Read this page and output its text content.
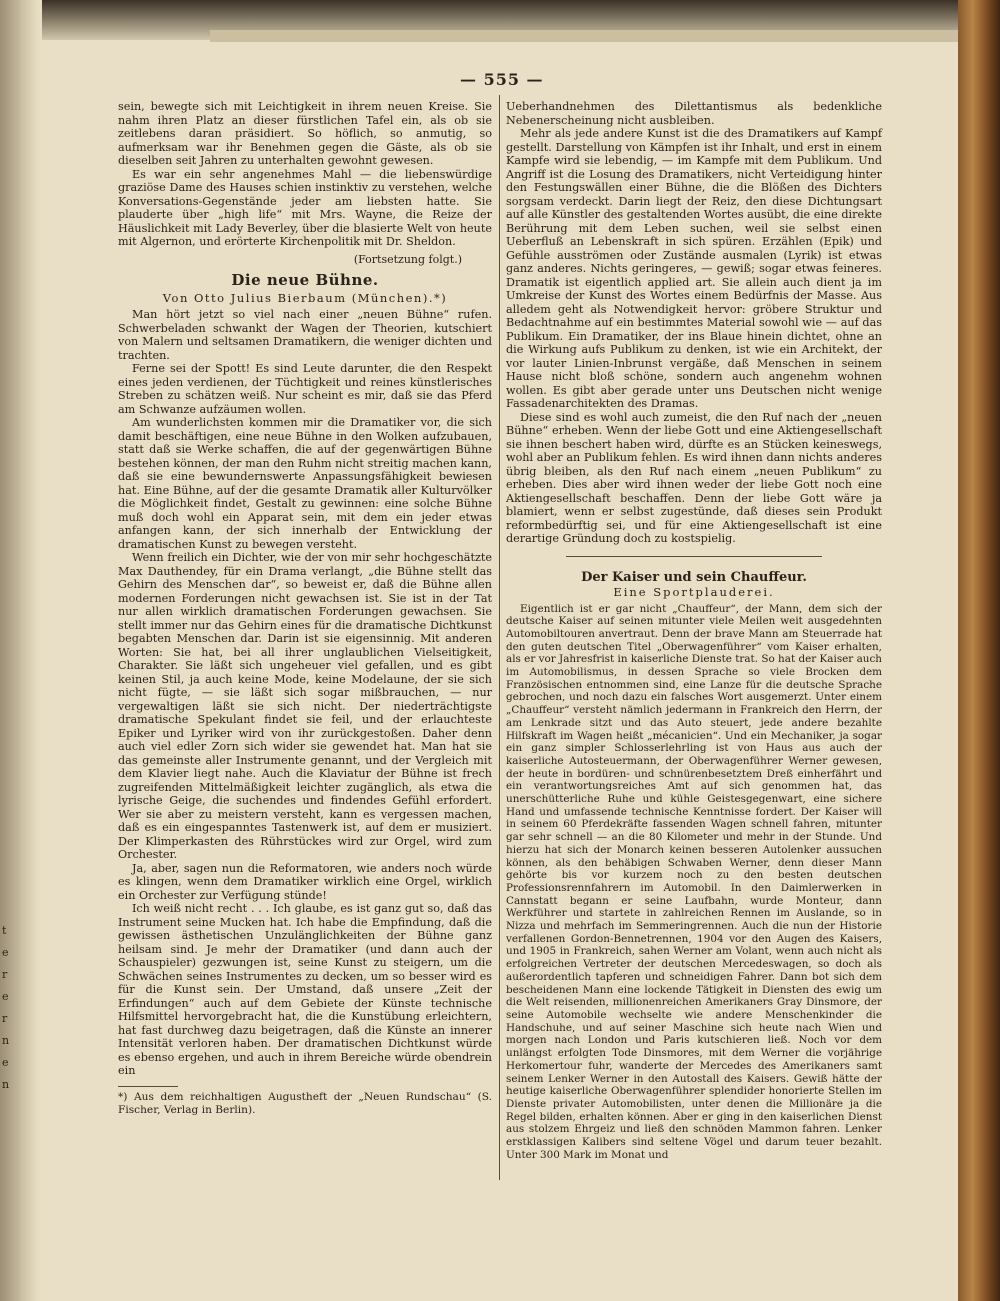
t
e
r
e
r
n
e
n
— 555 —

sein, bewegte sich mit Leichtigkeit in ihrem neuen Kreise. Sie nahm ihren Platz an dieser fürstlichen Tafel ein, als ob sie zeitlebens daran präsidiert. So höflich, so anmutig, so aufmerksam war ihr Benehmen gegen die Gäste, als ob sie dieselben seit Jahren zu unterhalten gewohnt gewesen.

Es war ein sehr angenehmes Mahl — die liebenswürdige graziöse Dame des Hauses schien instinktiv zu verstehen, welche Konversations-Gegenstände jeder am liebsten hatte. Sie plauderte über „high life“ mit Mrs. Wayne, die Reize der Häuslichkeit mit Lady Beverley, über die blasierte Welt von heute mit Algernon, und erörterte Kirchenpolitik mit Dr. Sheldon.

(Fortsetzung folgt.)
Die neue Bühne.
Von Otto Julius Bierbaum (München).*)

Man hört jetzt so viel nach einer „neuen Bühne“ rufen. Schwerbeladen schwankt der Wagen der Theorien, kutschiert von Malern und seltsamen Dramatikern, die weniger dichten und trachten.

Ferne sei der Spott! Es sind Leute darunter, die den Respekt eines jeden verdienen, der Tüchtigkeit und reines künstlerisches Streben zu schätzen weiß. Nur scheint es mir, daß sie das Pferd am Schwanze aufzäumen wollen.

Am wunderlichsten kommen mir die Dramatiker vor, die sich damit beschäftigen, eine neue Bühne in den Wolken aufzubauen, statt daß sie Werke schaffen, die auf der gegenwärtigen Bühne bestehen können, der man den Ruhm nicht streitig machen kann, daß sie eine bewundernswerte Anpassungsfähigkeit bewiesen hat. Eine Bühne, auf der die gesamte Dramatik aller Kulturvölker die Möglichkeit findet, Gestalt zu gewinnen: eine solche Bühne muß doch wohl ein Apparat sein, mit dem ein jeder etwas anfangen kann, der sich innerhalb der Entwicklung der dramatischen Kunst zu bewegen versteht.

Wenn freilich ein Dichter, wie der von mir sehr hochgeschätzte Max Dauthendey, für ein Drama verlangt, „die Bühne stellt das Gehirn des Menschen dar“, so beweist er, daß die Bühne allen modernen Forderungen nicht gewachsen ist. Sie ist in der Tat nur allen wirklich dramatischen Forderungen gewachsen. Sie stellt immer nur das Gehirn eines für die dramatische Dichtkunst begabten Menschen dar. Darin ist sie eigensinnig. Mit anderen Worten: Sie hat, bei all ihrer unglaublichen Vielseitigkeit, Charakter. Sie läßt sich ungeheuer viel gefallen, und es gibt keinen Stil, ja auch keine Mode, keine Modelaune, der sie sich nicht fügte, — sie läßt sich sogar mißbrauchen, — nur vergewaltigen läßt sie sich nicht. Der niederträchtigste dramatische Spekulant findet sie feil, und der erlauchteste Epiker und Lyriker wird von ihr zurückgestoßen. Daher denn auch viel edler Zorn sich wider sie gewendet hat. Man hat sie das gemeinste aller Instrumente genannt, und der Vergleich mit dem Klavier liegt nahe. Auch die Klaviatur der Bühne ist frech zugreifenden Mittelmäßigkeit leichter zugänglich, als etwa die lyrische Geige, die suchendes und findendes Gefühl erfordert. Wer sie aber zu meistern versteht, kann es vergessen machen, daß es ein eingespanntes Tastenwerk ist, auf dem er musiziert. Der Klimperkasten des Rührstückes wird zur Orgel, wird zum Orchester.

Ja, aber, sagen nun die Reformatoren, wie anders noch würde es klingen, wenn dem Dramatiker wirklich eine Orgel, wirklich ein Orchester zur Verfügung stünde!

Ich weiß nicht recht . . . Ich glaube, es ist ganz gut so, daß das Instrument seine Mucken hat. Ich habe die Empfindung, daß die gewissen ästhetischen Unzulänglichkeiten der Bühne ganz heilsam sind. Je mehr der Dramatiker (und dann auch der Schauspieler) gezwungen ist, seine Kunst zu steigern, um die Schwächen seines Instrumentes zu decken, um so besser wird es für die Kunst sein. Der Umstand, daß unsere „Zeit der Erfindungen“ auch auf dem Gebiete der Künste technische Hilfsmittel hervorgebracht hat, die die Kunstübung erleichtern, hat fast durchweg dazu beigetragen, daß die Künste an innerer Intensität verloren haben. Der dramatischen Dichtkunst würde es ebenso ergehen, und auch in ihrem Bereiche würde obendrein ein

*) Aus dem reichhaltigen Augustheft der „Neuen Rundschau“ (S. Fischer, Verlag in Berlin).

Ueberhandnehmen des Dilettantismus als bedenkliche Nebenerscheinung nicht ausbleiben.

Mehr als jede andere Kunst ist die des Dramatikers auf Kampf gestellt. Darstellung von Kämpfen ist ihr Inhalt, und erst in einem Kampfe wird sie lebendig, — im Kampfe mit dem Publikum. Und Angriff ist die Losung des Dramatikers, nicht Verteidigung hinter den Festungswällen einer Bühne, die die Blößen des Dichters sorgsam verdeckt. Darin liegt der Reiz, den diese Dichtungsart auf alle Künstler des gestaltenden Wortes ausübt, die eine direkte Berührung mit dem Leben suchen, weil sie selbst einen Ueberfluß an Lebenskraft in sich spüren. Erzählen (Epik) und Gefühle ausströmen oder Zustände ausmalen (Lyrik) ist etwas ganz anderes. Nichts geringeres, — gewiß; sogar etwas feineres. Dramatik ist eigentlich applied art. Sie allein auch dient ja im Umkreise der Kunst des Wortes einem Bedürfnis der Masse. Aus alledem geht als Notwendigkeit hervor: gröbere Struktur und Bedachtnahme auf ein bestimmtes Material sowohl wie — auf das Publikum. Ein Dramatiker, der ins Blaue hinein dichtet, ohne an die Wirkung aufs Publikum zu denken, ist wie ein Architekt, der vor lauter Linien-Inbrunst vergäße, daß Menschen in seinem Hause nicht bloß schöne, sondern auch angenehm wohnen wollen. Es gibt aber gerade unter uns Deutschen nicht wenige Fassadenarchitekten des Dramas.

Diese sind es wohl auch zumeist, die den Ruf nach der „neuen Bühne“ erheben. Wenn der liebe Gott und eine Aktiengesellschaft sie ihnen beschert haben wird, dürfte es an Stücken keineswegs, wohl aber an Publikum fehlen. Es wird ihnen dann nichts anderes übrig bleiben, als den Ruf nach einem „neuen Publikum“ zu erheben. Dies aber wird ihnen weder der liebe Gott noch eine Aktiengesellschaft beschaffen. Denn der liebe Gott wäre ja blamiert, wenn er selbst zugestünde, daß dieses sein Produkt reformbedürftig sei, und für eine Aktiengesellschaft ist eine derartige Gründung doch zu kostspielig.

Der Kaiser und sein Chauffeur.
Eine Sportplauderei.

Eigentlich ist er gar nicht „Chauffeur“, der Mann, dem sich der deutsche Kaiser auf seinen mitunter viele Meilen weit ausgedehnten Automobiltouren anvertraut. Denn der brave Mann am Steuerrade hat den guten deutschen Titel „Oberwagenführer“ vom Kaiser erhalten, als er vor Jahresfrist in kaiserliche Dienste trat. So hat der Kaiser auch im Automobilismus, in dessen Sprache so viele Brocken dem Französischen entnommen sind, eine Lanze für die deutsche Sprache gebrochen, und noch dazu ein falsches Wort ausgemerzt. Unter einem „Chauffeur“ versteht nämlich jedermann in Frankreich den Herrn, der am Lenkrade sitzt und das Auto steuert, jede andere bezahlte Hilfskraft im Wagen heißt „mécanicien“. Und ein Mechaniker, ja sogar ein ganz simpler Schlosserlehrling ist von Haus aus auch der kaiserliche Autosteuermann, der Oberwagenführer Werner gewesen, der heute in bordüren- und schnürenbesetztem Dreß einherfährt und ein verantwortungsreiches Amt auf sich genommen hat, das unerschütterliche Ruhe und kühle Geistesgegenwart, eine sichere Hand und umfassende technische Kenntnisse fordert. Der Kaiser will in seinem 60 Pferdekräfte fassenden Wagen schnell fahren, mitunter gar sehr schnell — an die 80 Kilometer und mehr in der Stunde. Und hierzu hat sich der Monarch keinen besseren Autolenker aussuchen können, als den behäbigen Schwaben Werner, denn dieser Mann gehörte bis vor kurzem noch zu den besten deutschen Professionsrennfahrern im Automobil. In den Daimlerwerken in Cannstatt begann er seine Laufbahn, wurde Monteur, dann Werkführer und startete in zahlreichen Rennen im Auslande, so in Nizza und mehrfach im Semmeringrennen. Auch die nun der Historie verfallenen Gordon-Bennetrennen, 1904 vor den Augen des Kaisers, und 1905 in Frankreich, sahen Werner am Volant, wenn auch nicht als erfolgreichen Vertreter der deutschen Mercedeswagen, so doch als außerordentlich tapferen und schneidigen Fahrer. Dann bot sich dem bescheidenen Mann eine lockende Tätigkeit in Diensten des ewig um die Welt reisenden, millionenreichen Amerikaners Gray Dinsmore, der seine Automobile wechselte wie andere Menschenkinder die Handschuhe, und auf seiner Maschine sich heute nach Wien und morgen nach London und Paris kutschieren ließ. Noch vor dem unlängst erfolgten Tode Dinsmores, mit dem Werner die vorjährige Herkomertour fuhr, wanderte der Mercedes des Amerikaners samt seinem Lenker Werner in den Autostall des Kaisers. Gewiß hätte der heutige kaiserliche Oberwagenführer splendider honorierte Stellen im Dienste privater Automobilisten, unter denen die Millionäre ja die Regel bilden, erhalten können. Aber er ging in den kaiserlichen Dienst aus stolzem Ehrgeiz und ließ den schnöden Mammon fahren. Lenker erstklassigen Kalibers sind seltene Vögel und darum teuer bezahlt. Unter 300 Mark im Monat und
